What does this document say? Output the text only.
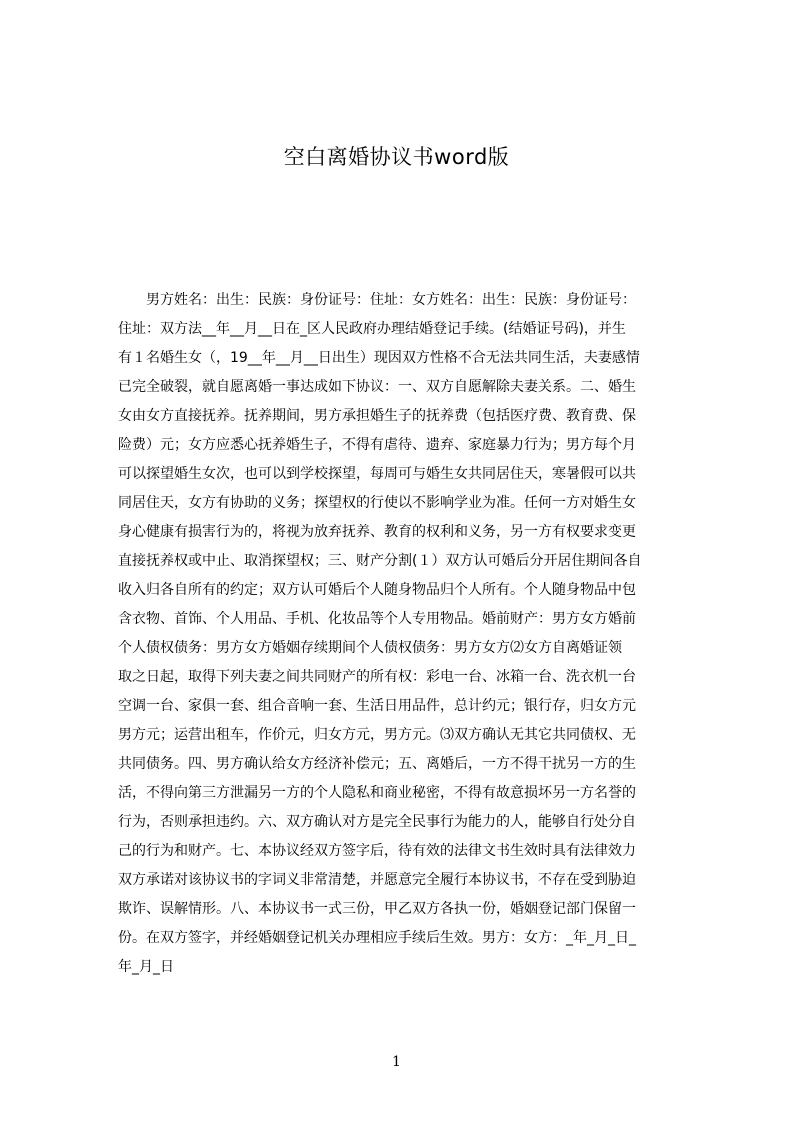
空白离婚协议书word版
　　男方姓名：出生：民族：身份证号：住址：女方姓名：出生：民族：身份证号：
住址：双方法__年__月__日在_区人民政府办理结婚登记手续。(结婚证号码)，并生
有１名婚生女（，19__年__月__日出生）现因双方性格不合无法共同生活，夫妻感情
已完全破裂，就自愿离婚一事达成如下协议：一、双方自愿解除夫妻关系。二、婚生
女由女方直接抚养。抚养期间，男方承担婚生子的抚养费（包括医疗费、教育费、保
险费）元；女方应悉心抚养婚生子，不得有虐待、遗弃、家庭暴力行为；男方每个月
可以探望婚生女次，也可以到学校探望，每周可与婚生女共同居住天，寒暑假可以共
同居住天，女方有协助的义务；探望权的行使以不影响学业为准。任何一方对婚生女
身心健康有损害行为的，将视为放弃抚养、教育的权利和义务，另一方有权要求变更
直接抚养权或中止、取消探望权；三、财产分割(１）双方认可婚后分开居住期间各自
收入归各自所有的约定；双方认可婚后个人随身物品归个人所有。个人随身物品中包
含衣物、首饰、个人用品、手机、化妆品等个人专用物品。婚前财产：男方女方婚前
个人债权债务：男方女方婚姻存续期间个人债权债务：男方女方⑵女方自离婚证领
取之日起，取得下列夫妻之间共同财产的所有权：彩电一台、冰箱一台、洗衣机一台
空调一台、家俱一套、组合音响一套、生活日用品件，总计约元；银行存，归女方元
男方元；运营出租车，作价元，归女方元，男方元。⑶双方确认无其它共同债权、无
共同债务。四、男方确认给女方经济补偿元；五、离婚后，一方不得干扰另一方的生
活，不得向第三方泄漏另一方的个人隐私和商业秘密，不得有故意损坏另一方名誉的
行为，否则承担违约。六、双方确认对方是完全民事行为能力的人，能够自行处分自
己的行为和财产。七、本协议经双方签字后，待有效的法律文书生效时具有法律效力
双方承诺对该协议书的字词义非常清楚，并愿意完全履行本协议书，不存在受到胁迫
欺诈、误解情形。八、本协议书一式三份，甲乙双方各执一份，婚姻登记部门保留一
份。在双方签字，并经婚姻登记机关办理相应手续后生效。男方：女方：_年_月_日_
年_月_日
1
